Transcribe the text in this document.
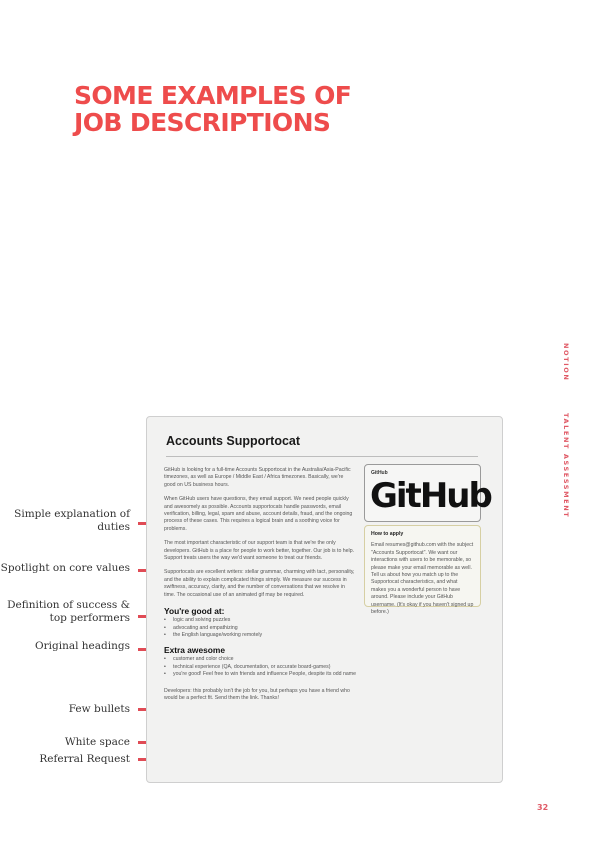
SOME EXAMPLES OF
JOB DESCRIPTIONS
NOTION
TALENT ASSESSMENT
Simple explanation of duties
Spotlight on core values
Definition of success & top performers
Original headings
Few bullets
White space
Referral Request
Accounts Supportocat

GitHub is looking for a full-time Accounts Supportocat in the Australia/Asia-Pacific timezones, as well as Europe / Middle East / Africa timezones. Basically, we're good on US business hours.

When GitHub users have questions, they email support. We need people quickly and awesomely as possible. Accounts supportocats handle passwords, email verification, billing, legal, spam and abuse, account details, fraud, and the ongoing process of these cases. This requires a logical brain and a soothing voice for problems.

The most important characteristic of our support team is that we're the only developers. GitHub is a place for people to work better, together. Our job is to help. Support treats users the way we'd want someone to treat our friends.

Supportocats are excellent writers: stellar grammar, charming with tact, personality, and the ability to explain complicated things simply. We measure our success in swiftness, accuracy, clarity, and the number of conversations that we resolve in time. The occasional use of an animated gif may be required.

You're good at:
• logic and solving puzzles
• advocating and empathizing
• the English language/working remotely
Extra awesome
• customer and color choice
• technical experience (QA, documentation, or accurate board-games)
• you're good! Feel free to win friends and influence People, despite its odd name

Developers: this probably isn't the job for you, but perhaps you have a friend who would be a perfect fit. Send them the link. Thanks!

GitHub
GitHub
How to apply
Email resumes@github.com with the subject "Accounts Supportocat". We want our interactions with users to be memorable, so please make your email memorable as well. Tell us about how you match up to the Supportocat characteristics, and what makes you a wonderful person to have around. Please include your GitHub username. (It's okay if you haven't signed up before.)
32
